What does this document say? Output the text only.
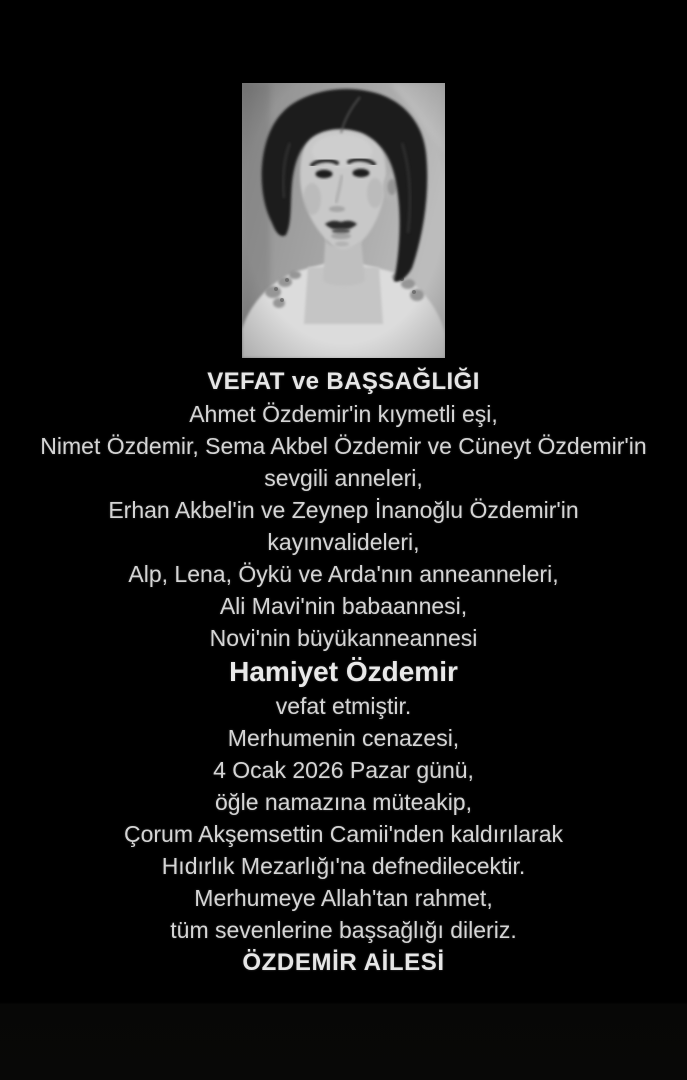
VEFAT ve BAŞSAĞLIĞI
Ahmet Özdemir'in kıymetli eşi,
Nimet Özdemir, Sema Akbel Özdemir ve Cüneyt Özdemir'in
sevgili anneleri,
Erhan Akbel'in ve Zeynep İnanoğlu Özdemir'in
kayınvalideleri,
Alp, Lena, Öykü ve Arda'nın anneanneleri,
Ali Mavi'nin babaannesi,
Novi'nin büyükanneannesi
Hamiyet Özdemir
vefat etmiştir.
Merhumenin cenazesi,
4 Ocak 2026 Pazar günü,
öğle namazına müteakip,
Çorum Akşemsettin Camii'nden kaldırılarak
Hıdırlık Mezarlığı'na defnedilecektir.
Merhumeye Allah'tan rahmet,
tüm sevenlerine başsağlığı dileriz.
ÖZDEMİR AİLESİ
